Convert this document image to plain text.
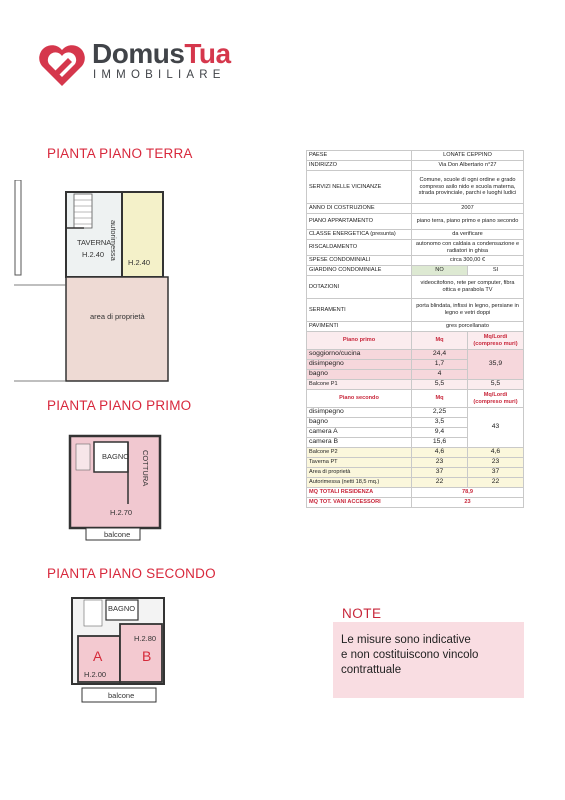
DomusTua
IMMOBILIARE
PIANTA PIANO TERRA
TAVERNA
H.2.40 autorimessa
H.2.40
area di proprietà
PIANTA PIANO PRIMO
BAGNO COTTURA
H.2.70
balcone
PIANTA PIANO SECONDO
BAGNO
H.2.80
A	B
H.2.00
balcone
PAESE	LONATE CEPPINO	
INDIRIZZO	Via Don Albertario n°27	
SERVIZI NELLE VICINANZE	Comune, scuole di ogni ordine e grado compreso asilo nido e scuola materna, strada provinciale, parchi e luoghi ludici	
ANNO DI COSTRUZIONE	2007	
PIANO APPARTAMENTO	piano terra, piano primo e piano secondo	
CLASSE ENERGETICA (presunta)	da verificare	
RISCALDAMENTO	autonomo con caldaia a condensazione e radiatori in ghisa	
SPESE CONDOMINIALI	circa 300,00 €	
GIARDINO CONDOMINIALE	NO	SI
DOTAZIONI	videocitofono, rete per computer, fibra ottica e parabola TV	
SERRAMENTI	porta blindata, infissi in legno, persiane in legno e vetri doppi	
PAVIMENTI	gres porcellanato	
Piano primo	Mq	Mq/Lordi (compreso muri)
soggiorno/cucina	24,4	35,9
disimpegno	1,7	
bagno	4	
Balcone P1	5,5	5,5
Piano secondo	Mq	Mq/Lordi (compreso muri)
disimpegno	2,25	43
bagno	3,5	
camera A	9,4	
camera B	15,6	
Balcone P2	4,6	4,6
Taverna PT	23	23
Area di proprietà	37	37
Autorimessa (netti 18,5 mq.)	22	22
MQ TOTALI RESIDENZA	78,9	
MQ TOT. VANI ACCESSORI	23	
NOTE
Le misure sono indicative
e non costituiscono vincolo
contrattuale
